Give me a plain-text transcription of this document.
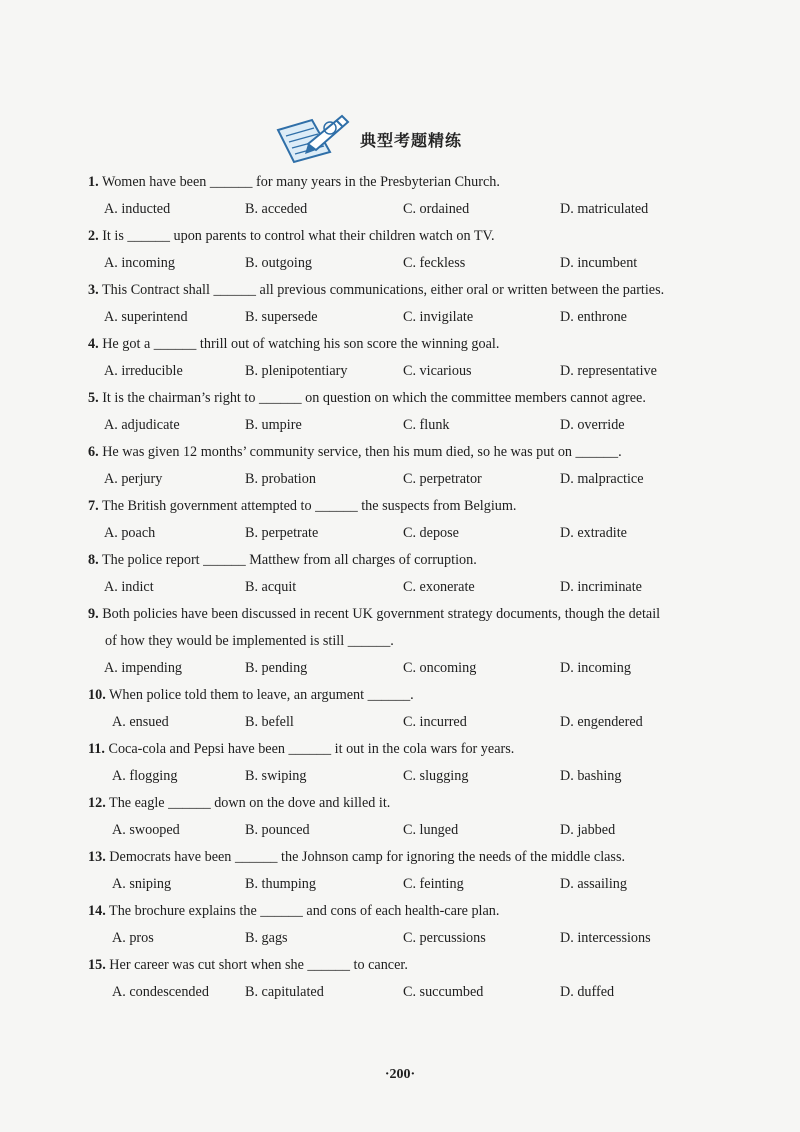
典型考题精练
1. Women have been ______ for many years in the Presbyterian Church.
A. inducted	B. acceded	C. ordained	D. matriculated
2. It is ______ upon parents to control what their children watch on TV.
A. incoming	B. outgoing	C. feckless	D. incumbent
3. This Contract shall ______ all previous communications, either oral or written between the parties.
A. superintend	B. supersede	C. invigilate	D. enthrone
4. He got a ______ thrill out of watching his son score the winning goal.
A. irreducible	B. plenipotentiary	C. vicarious	D. representative
5. It is the chairman’s right to ______ on question on which the committee members cannot agree.
A. adjudicate	B. umpire	C. flunk	D. override
6. He was given 12 months’ community service, then his mum died, so he was put on ______.
A. perjury	B. probation	C. perpetrator	D. malpractice
7. The British government attempted to ______ the suspects from Belgium.
A. poach	B. perpetrate	C. depose	D. extradite
8. The police report ______ Matthew from all charges of corruption.
A. indict	B. acquit	C. exonerate	D. incriminate
9. Both policies have been discussed in recent UK government strategy documents, though the detail
of how they would be implemented is still ______.
A. impending	B. pending	C. oncoming	D. incoming
10. When police told them to leave, an argument ______.
A. ensued	B. befell	C. incurred	D. engendered
11. Coca-cola and Pepsi have been ______ it out in the cola wars for years.
A. flogging	B. swiping	C. slugging	D. bashing
12. The eagle ______ down on the dove and killed it.
A. swooped	B. pounced	C. lunged	D. jabbed
13. Democrats have been ______ the Johnson camp for ignoring the needs of the middle class.
A. sniping	B. thumping	C. feinting	D. assailing
14. The brochure explains the ______ and cons of each health-care plan.
A. pros	B. gags	C. percussions	D. intercessions
15. Her career was cut short when she ______ to cancer.
A. condescended	B. capitulated	C. succumbed	D. duffed
·200·
